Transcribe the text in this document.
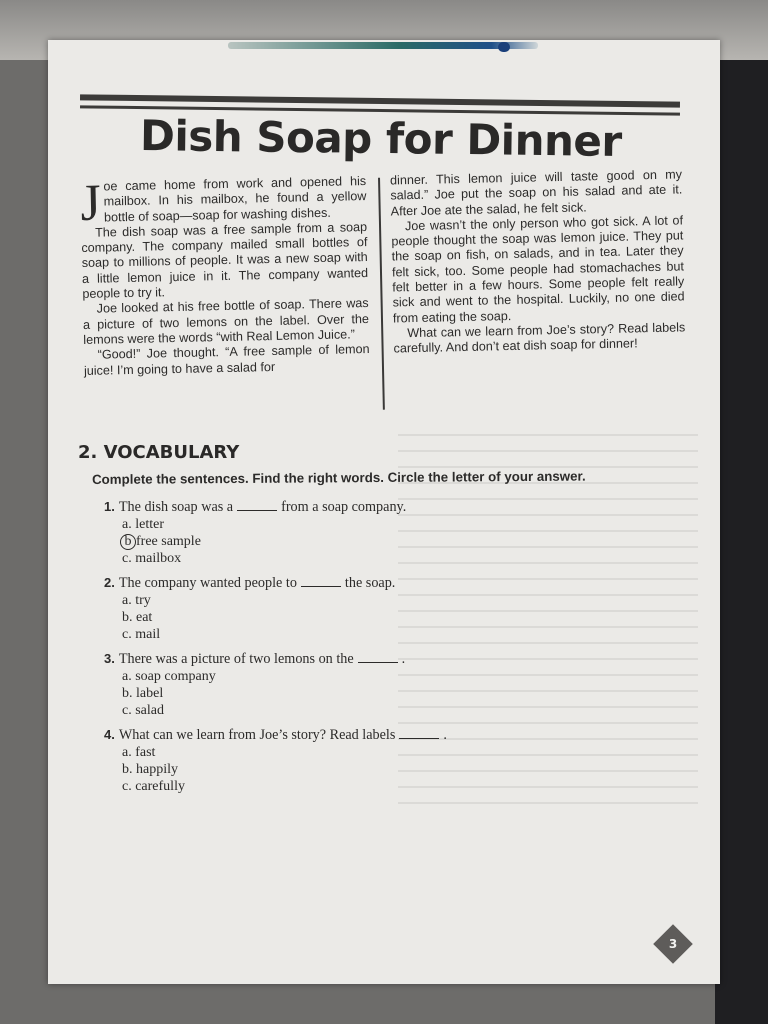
Dish Soap for Dinner

Joe came home from work and opened his mailbox. In his mailbox, he found a yellow bottle of soap—soap for washing dishes.

The dish soap was a free sample from a soap company. The company mailed small bottles of soap to millions of people. It was a new soap with a little lemon juice in it. The company wanted people to try it.

Joe looked at his free bottle of soap. There was a picture of two lemons on the label. Over the lemons were the words “with Real Lemon Juice.”

“Good!” Joe thought. “A free sample of lemon juice! I’m going to have a salad for

dinner. This lemon juice will taste good on my salad.” Joe put the soap on his salad and ate it. After Joe ate the salad, he felt sick.

Joe wasn’t the only person who got sick. A lot of people thought the soap was lemon juice. They put the soap on fish, on salads, and in tea. Later they felt sick, too. Some people had stomachaches but felt better in a few hours. Some people felt really sick and went to the hospital. Luckily, no one died from eating the soap.

What can we learn from Joe’s story? Read labels carefully. And don’t eat dish soap for dinner!

2. VOCABULARY

Complete the sentences. Find the right words. Circle the letter of your answer.

1. The dish soap was a	from a soap company.
a. letter
b free sample
c. mailbox
2. The company wanted people to	the soap.
a. try
b. eat
c. mail
3. There was a picture of two lemons on the	.
a. soap company
b. label
c. salad
4. What can we learn from Joe’s story? Read labels	.
a. fast
b. happily
c. carefully
3
